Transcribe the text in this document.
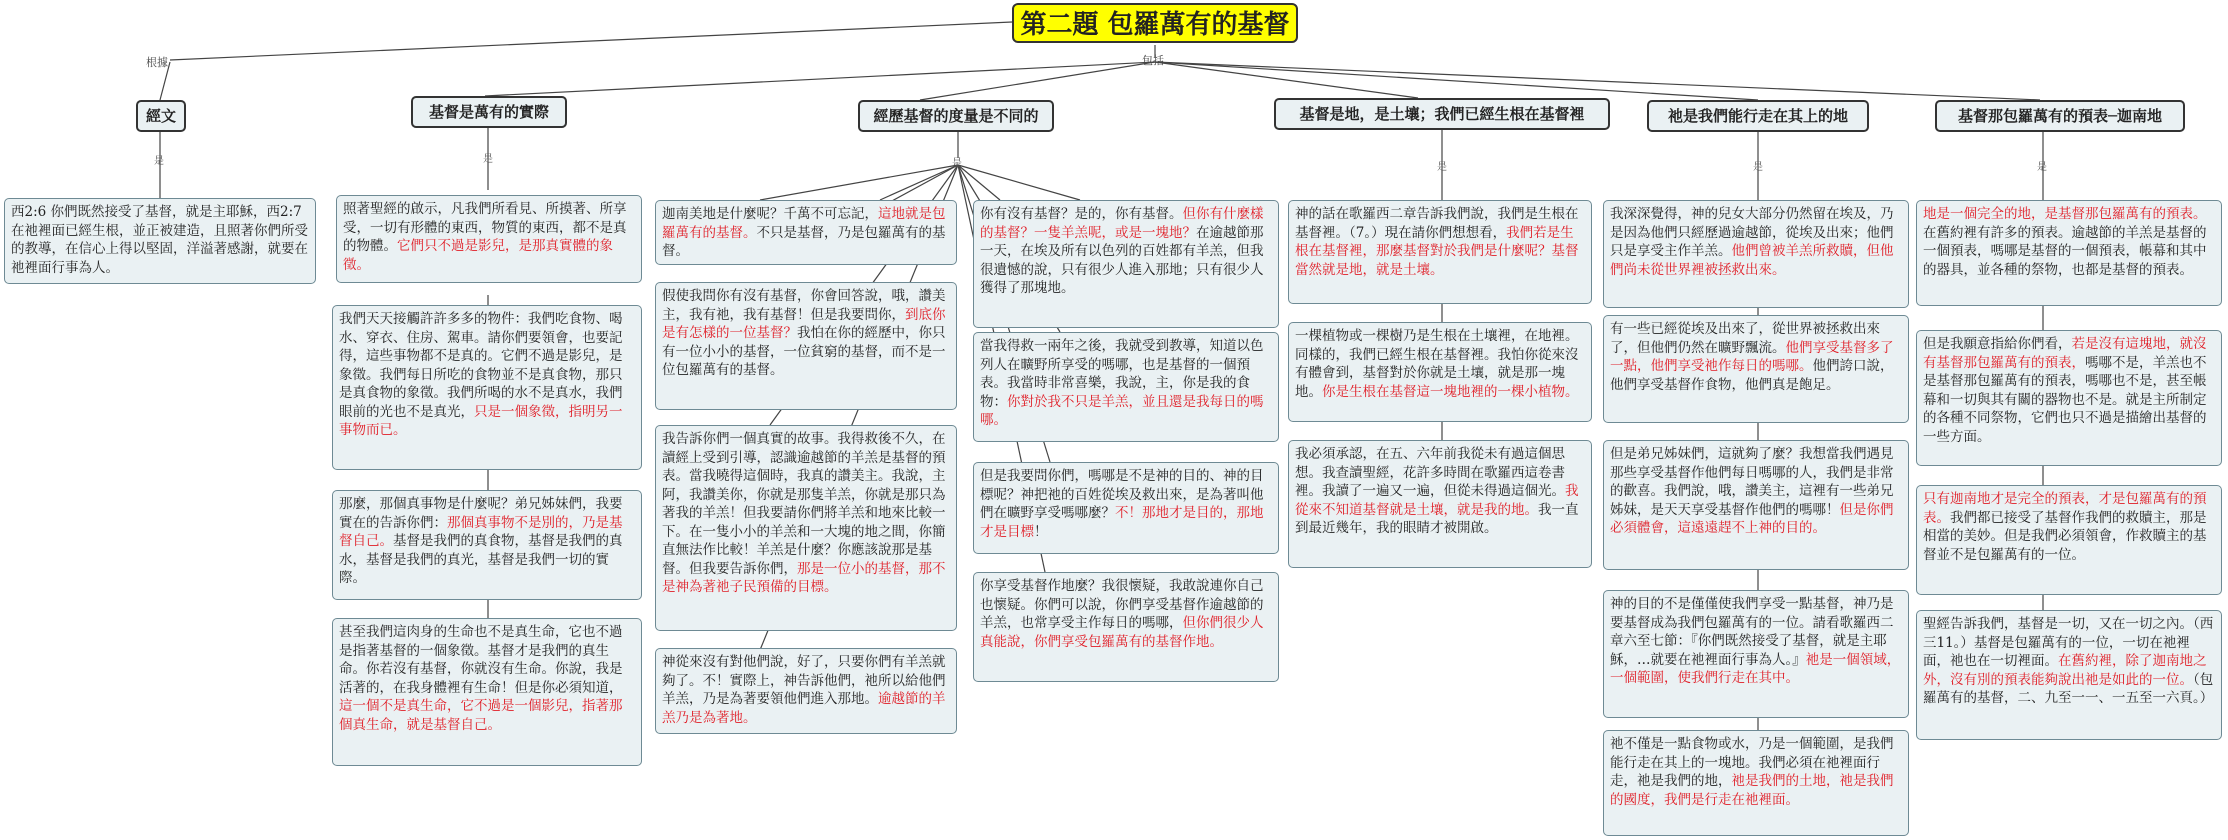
第二題 包羅萬有的基督
根據	包括
經文	基督是萬有的實際	經歷基督的度量是不同的	基督是地，是土壤；我們已經生根在基督裡	祂是我們能行走在其上的地	基督那包羅萬有的預表─迦南地
是	是	是	是	是	是
西2:6 你們既然接受了基督，就是主耶穌，西2:7 在祂裡面已經生根，並正被建造，且照著你們所受的教導，在信心上得以堅固，洋溢著感謝，就要在祂裡面行事為人。
照著聖經的啟示，凡我們所看見、所摸著、所享受，一切有形體的東西，物質的東西，都不是真的物體。它們只不過是影兒，是那真實體的象徵。
我們天天接觸許許多多的物件：我們吃食物、喝水、穿衣、住房、駕車。請你們要領會，也要記得，這些事物都不是真的。它們不過是影兒，是象徵。我們每日所吃的食物並不是真食物，那只是真食物的象徵。我們所喝的水不是真水，我們眼前的光也不是真光，只是一個象徵，指明另一事物而已。
那麼，那個真事物是什麼呢？弟兄姊妹們，我要實在的告訴你們：那個真事物不是別的，乃是基督自己。基督是我們的真食物，基督是我們的真水，基督是我們的真光，基督是我們一切的實際。
甚至我們這肉身的生命也不是真生命，它也不過是指著基督的一個象徵。基督才是我們的真生命。你若沒有基督，你就沒有生命。你說，我是活著的，在我身體裡有生命！但是你必須知道，這一個不是真生命，它不過是一個影兒，指著那個真生命，就是基督自己。
迦南美地是什麼呢？千萬不可忘記，這地就是包羅萬有的基督。不只是基督，乃是包羅萬有的基督。
假使我問你有沒有基督，你會回答說，哦，讚美主，我有祂，我有基督！但是我要問你，到底你是有怎樣的一位基督？我怕在你的經歷中，你只有一位小小的基督，一位貧窮的基督，而不是一位包羅萬有的基督。
我告訴你們一個真實的故事。我得救後不久，在讀經上受到引導，認識逾越節的羊羔是基督的預表。當我曉得這個時，我真的讚美主。我說，主阿，我讚美你，你就是那隻羊羔，你就是那只為著我的羊羔！但我要請你們將羊羔和地來比較一下。在一隻小小的羊羔和一大塊的地之間，你簡直無法作比較！羊羔是什麼？你應該說那是基督。但我要告訴你們，那是一位小的基督，那不是神為著祂子民預備的目標。
神從來沒有對他們說，好了，只要你們有羊羔就夠了。不！實際上，神告訴他們，祂所以給他們羊羔，乃是為著要領他們進入那地。逾越節的羊羔乃是為著地。
你有沒有基督？是的，你有基督。但你有什麼樣的基督？一隻羊羔呢，或是一塊地？在逾越節那一天，在埃及所有以色列的百姓都有羊羔，但我很遺憾的說，只有很少人進入那地；只有很少人獲得了那塊地。
當我得救一兩年之後，我就受到教導，知道以色列人在曠野所享受的嗎哪，也是基督的一個預表。我當時非常喜樂，我說，主，你是我的食物：你對於我不只是羊羔，並且還是我每日的嗎哪。
但是我要問你們，嗎哪是不是神的目的、神的目標呢？神把祂的百姓從埃及救出來，是為著叫他們在曠野享受嗎哪麼？不！那地才是目的，那地才是目標！
你享受基督作地麼？我很懷疑，我敢說連你自己也懷疑。你們可以說，你們享受基督作逾越節的羊羔，也常享受主作每日的嗎哪，但你們很少人真能說，你們享受包羅萬有的基督作地。
神的話在歌羅西二章告訴我們說，我們是生根在基督裡。（7。）現在請你們想想看，我們若是生根在基督裡，那麼基督對於我們是什麼呢？基督當然就是地，就是土壤。
一棵植物或一棵樹乃是生根在土壤裡，在地裡。同樣的，我們已經生根在基督裡。我怕你從來沒有體會到，基督對於你就是土壤，就是那一塊地。你是生根在基督這一塊地裡的一棵小植物。
我必須承認，在五、六年前我從未有過這個思想。我查讀聖經，花許多時間在歌羅西這卷書裡。我讀了一遍又一遍，但從未得過這個光。我從來不知道基督就是土壤，就是我的地。我一直到最近幾年，我的眼睛才被開啟。
我深深覺得，神的兒女大部分仍然留在埃及，乃是因為他們只經歷過逾越節，從埃及出來；他們只是享受主作羊羔。他們曾被羊羔所救贖，但他們尚未從世界裡被拯救出來。
有一些已經從埃及出來了，從世界被拯救出來了，但他們仍然在曠野飄流。他們享受基督多了一點，他們享受祂作每日的嗎哪。他們誇口說，他們享受基督作食物，他們真是飽足。
但是弟兄姊妹們，這就夠了麼？我想當我們遇見那些享受基督作他們每日嗎哪的人，我們是非常的歡喜。我們說，哦，讚美主，這裡有一些弟兄姊妹，是天天享受基督作他們的嗎哪！但是你們必須體會，這遠遠趕不上神的目的。
神的目的不是僅僅使我們享受一點基督，神乃是要基督成為我們包羅萬有的一位。請看歌羅西二章六至七節：『你們既然接受了基督，就是主耶穌，…就要在祂裡面行事為人。』祂是一個領域，一個範圍，使我們行走在其中。
祂不僅是一點食物或水，乃是一個範圍，是我們能行走在其上的一塊地。我們必須在祂裡面行走，祂是我們的地，祂是我們的土地，祂是我們的國度，我們是行走在祂裡面。
地是一個完全的地，是基督那包羅萬有的預表。在舊約裡有許多的預表。逾越節的羊羔是基督的一個預表，嗎哪是基督的一個預表，帳幕和其中的器具，並各種的祭物，也都是基督的預表。
但是我願意指給你們看，若是沒有這塊地，就沒有基督那包羅萬有的預表，嗎哪不是，羊羔也不是基督那包羅萬有的預表，嗎哪也不是，甚至帳幕和一切與其有關的器物也不是。就是主所制定的各種不同祭物，它們也只不過是描繪出基督的一些方面。
只有迦南地才是完全的預表，才是包羅萬有的預表。我們都已接受了基督作我們的救贖主，那是相當的美妙。但是我們必須領會，作救贖主的基督並不是包羅萬有的一位。
聖經告訴我們，基督是一切，又在一切之內。（西三11。）基督是包羅萬有的一位，一切在祂裡面，祂也在一切裡面。在舊約裡，除了迦南地之外，沒有別的預表能夠說出祂是如此的一位。（包羅萬有的基督，二、九至一一、一五至一六頁。）
